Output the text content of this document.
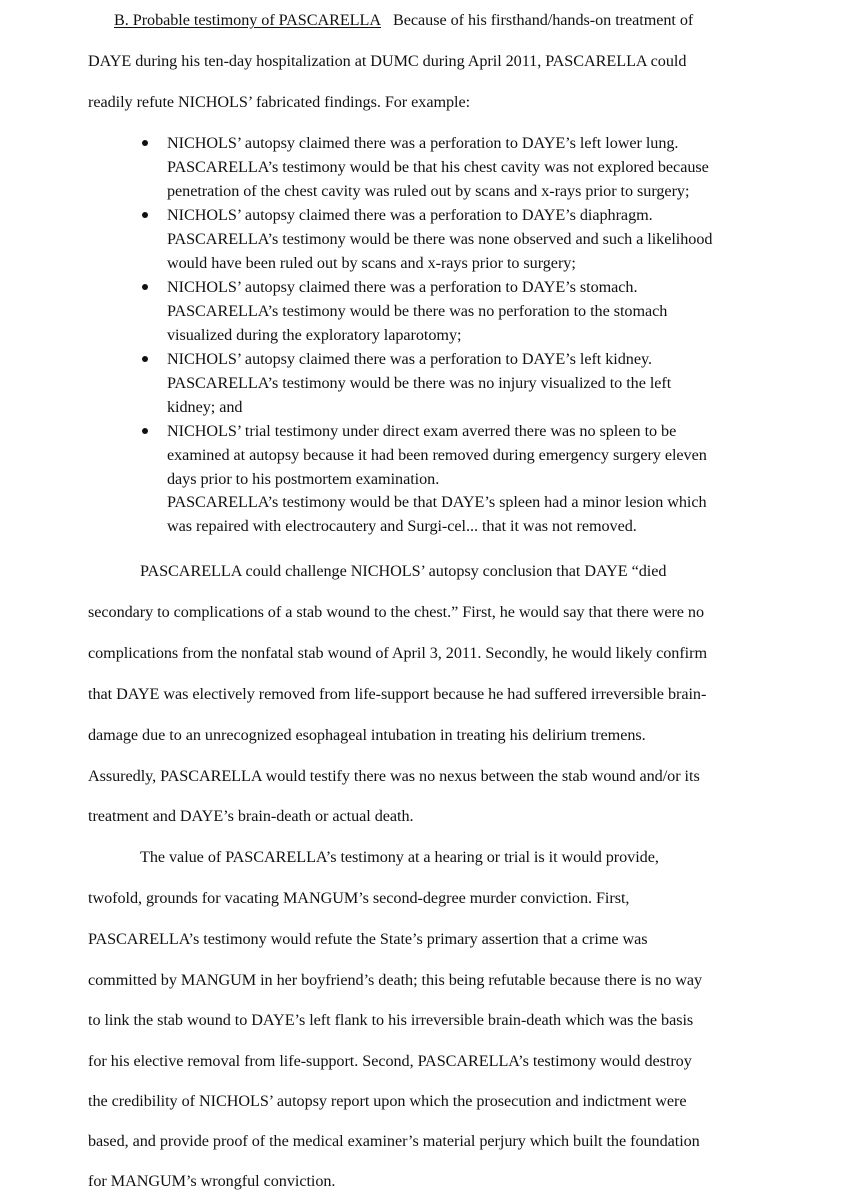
B. Probable testimony of PASCARELLA Because of his firsthand/hands-on treatment of
DAYE during his ten-day hospitalization at DUMC during April 2011, PASCARELLA could
readily refute NICHOLS’ fabricated findings. For example:
NICHOLS’ autopsy claimed there was a perforation to DAYE’s left lower lung.
PASCARELLA’s testimony would be that his chest cavity was not explored because
penetration of the chest cavity was ruled out by scans and x-rays prior to surgery;
NICHOLS’ autopsy claimed there was a perforation to DAYE’s diaphragm.
PASCARELLA’s testimony would be there was none observed and such a likelihood
would have been ruled out by scans and x-rays prior to surgery;
NICHOLS’ autopsy claimed there was a perforation to DAYE’s stomach.
PASCARELLA’s testimony would be there was no perforation to the stomach
visualized during the exploratory laparotomy;
NICHOLS’ autopsy claimed there was a perforation to DAYE’s left kidney.
PASCARELLA’s testimony would be there was no injury visualized to the left
kidney; and
NICHOLS’ trial testimony under direct exam averred there was no spleen to be
examined at autopsy because it had been removed during emergency surgery eleven
days prior to his postmortem examination.
PASCARELLA’s testimony would be that DAYE’s spleen had a minor lesion which
was repaired with electrocautery and Surgi-cel... that it was not removed.
PASCARELLA could challenge NICHOLS’ autopsy conclusion that DAYE “died
secondary to complications of a stab wound to the chest.” First, he would say that there were no
complications from the nonfatal stab wound of April 3, 2011. Secondly, he would likely confirm
that DAYE was electively removed from life-support because he had suffered irreversible brain-
damage due to an unrecognized esophageal intubation in treating his delirium tremens.
Assuredly, PASCARELLA would testify there was no nexus between the stab wound and/or its
treatment and DAYE’s brain-death or actual death.
The value of PASCARELLA’s testimony at a hearing or trial is it would provide,
twofold, grounds for vacating MANGUM’s second-degree murder conviction. First,
PASCARELLA’s testimony would refute the State’s primary assertion that a crime was
committed by MANGUM in her boyfriend’s death; this being refutable because there is no way
to link the stab wound to DAYE’s left flank to his irreversible brain-death which was the basis
for his elective removal from life-support. Second, PASCARELLA’s testimony would destroy
the credibility of NICHOLS’ autopsy report upon which the prosecution and indictment were
based, and provide proof of the medical examiner’s material perjury which built the foundation
for MANGUM’s wrongful conviction.
